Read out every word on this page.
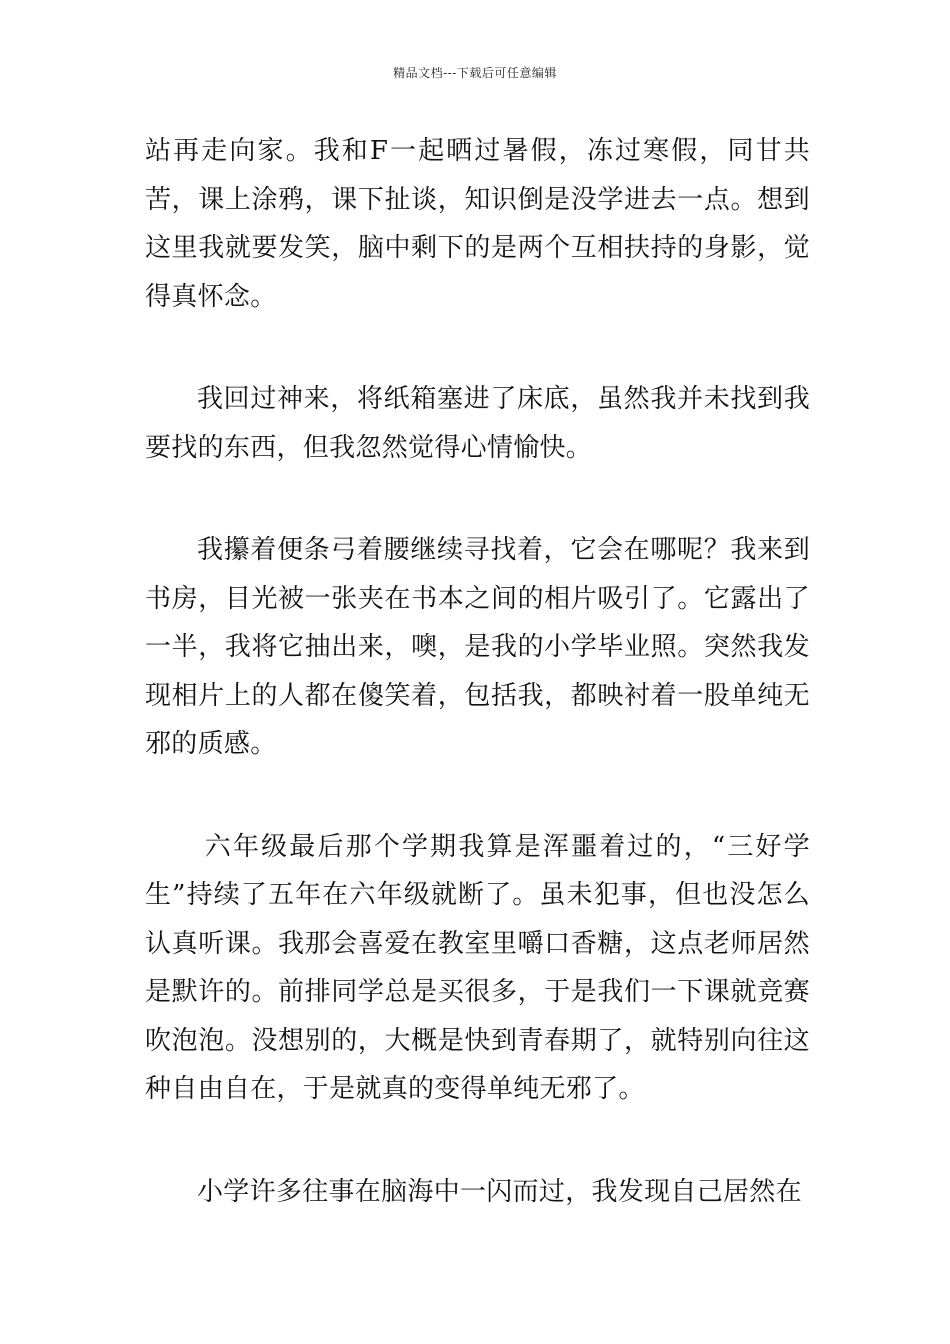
精品文档---下载后可任意编辑

站再走向家。我和F一起晒过暑假，冻过寒假，同甘共苦，课上涂鸦，课下扯谈，知识倒是没学进去一点。想到这里我就要发笑，脑中剩下的是两个互相扶持的身影，觉得真怀念。

我回过神来，将纸箱塞进了床底，虽然我并未找到我要找的东西，但我忽然觉得心情愉快。

我攥着便条弓着腰继续寻找着，它会在哪呢？我来到书房，目光被一张夹在书本之间的相片吸引了。它露出了一半，我将它抽出来，噢，是我的小学毕业照。突然我发现相片上的人都在傻笑着，包括我，都映衬着一股单纯无邪的质感。

六年级最后那个学期我算是浑噩着过的，“三好学生”持续了五年在六年级就断了。虽未犯事，但也没怎么认真听课。我那会喜爱在教室里嚼口香糖，这点老师居然是默许的。前排同学总是买很多，于是我们一下课就竞赛吹泡泡。没想别的，大概是快到青春期了，就特别向往这种自由自在，于是就真的变得单纯无邪了。

小学许多往事在脑海中一闪而过，我发现自己居然在
